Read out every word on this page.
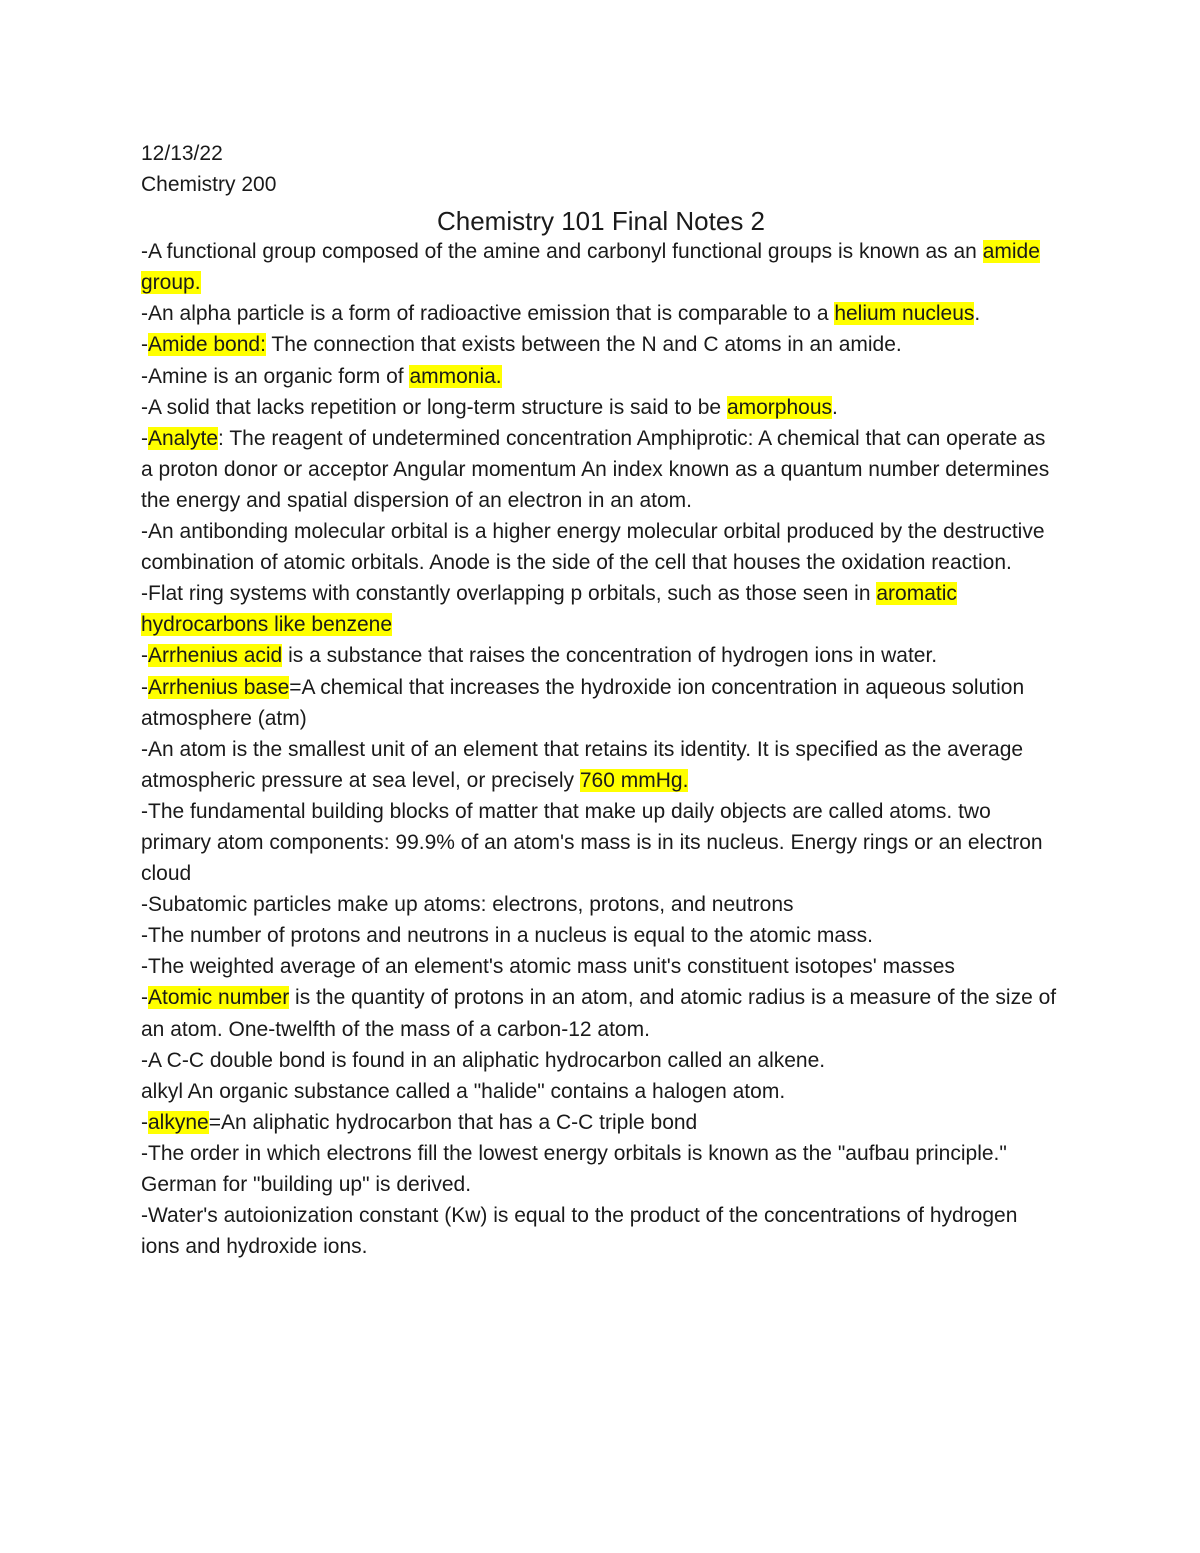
12/13/22
Chemistry 200
Chemistry 101 Final Notes 2
-A functional group composed of the amine and carbonyl functional groups is known as an amide group.
-An alpha particle is a form of radioactive emission that is comparable to a helium nucleus.
-Amide bond: The connection that exists between the N and C atoms in an amide.
-Amine is an organic form of ammonia.
-A solid that lacks repetition or long-term structure is said to be amorphous.
-Analyte: The reagent of undetermined concentration Amphiprotic: A chemical that can operate as a proton donor or acceptor Angular momentum An index known as a quantum number determines the energy and spatial dispersion of an electron in an atom.
-An antibonding molecular orbital is a higher energy molecular orbital produced by the destructive combination of atomic orbitals. Anode is the side of the cell that houses the oxidation reaction.
-Flat ring systems with constantly overlapping p orbitals, such as those seen in aromatic hydrocarbons like benzene
-Arrhenius acid is a substance that raises the concentration of hydrogen ions in water.
-Arrhenius base=A chemical that increases the hydroxide ion concentration in aqueous solution atmosphere (atm)
-An atom is the smallest unit of an element that retains its identity. It is specified as the average atmospheric pressure at sea level, or precisely 760 mmHg.
-The fundamental building blocks of matter that make up daily objects are called atoms. two primary atom components: 99.9% of an atom's mass is in its nucleus. Energy rings or an electron cloud
-Subatomic particles make up atoms: electrons, protons, and neutrons
-The number of protons and neutrons in a nucleus is equal to the atomic mass.
-The weighted average of an element's atomic mass unit's constituent isotopes' masses
-Atomic number is the quantity of protons in an atom, and atomic radius is a measure of the size of an atom. One-twelfth of the mass of a carbon-12 atom.
-A C-C double bond is found in an aliphatic hydrocarbon called an alkene.
alkyl An organic substance called a "halide" contains a halogen atom.
-alkyne=An aliphatic hydrocarbon that has a C-C triple bond
-The order in which electrons fill the lowest energy orbitals is known as the "aufbau principle." German for "building up" is derived.
-Water's autoionization constant (Kw) is equal to the product of the concentrations of hydrogen ions and hydroxide ions.
